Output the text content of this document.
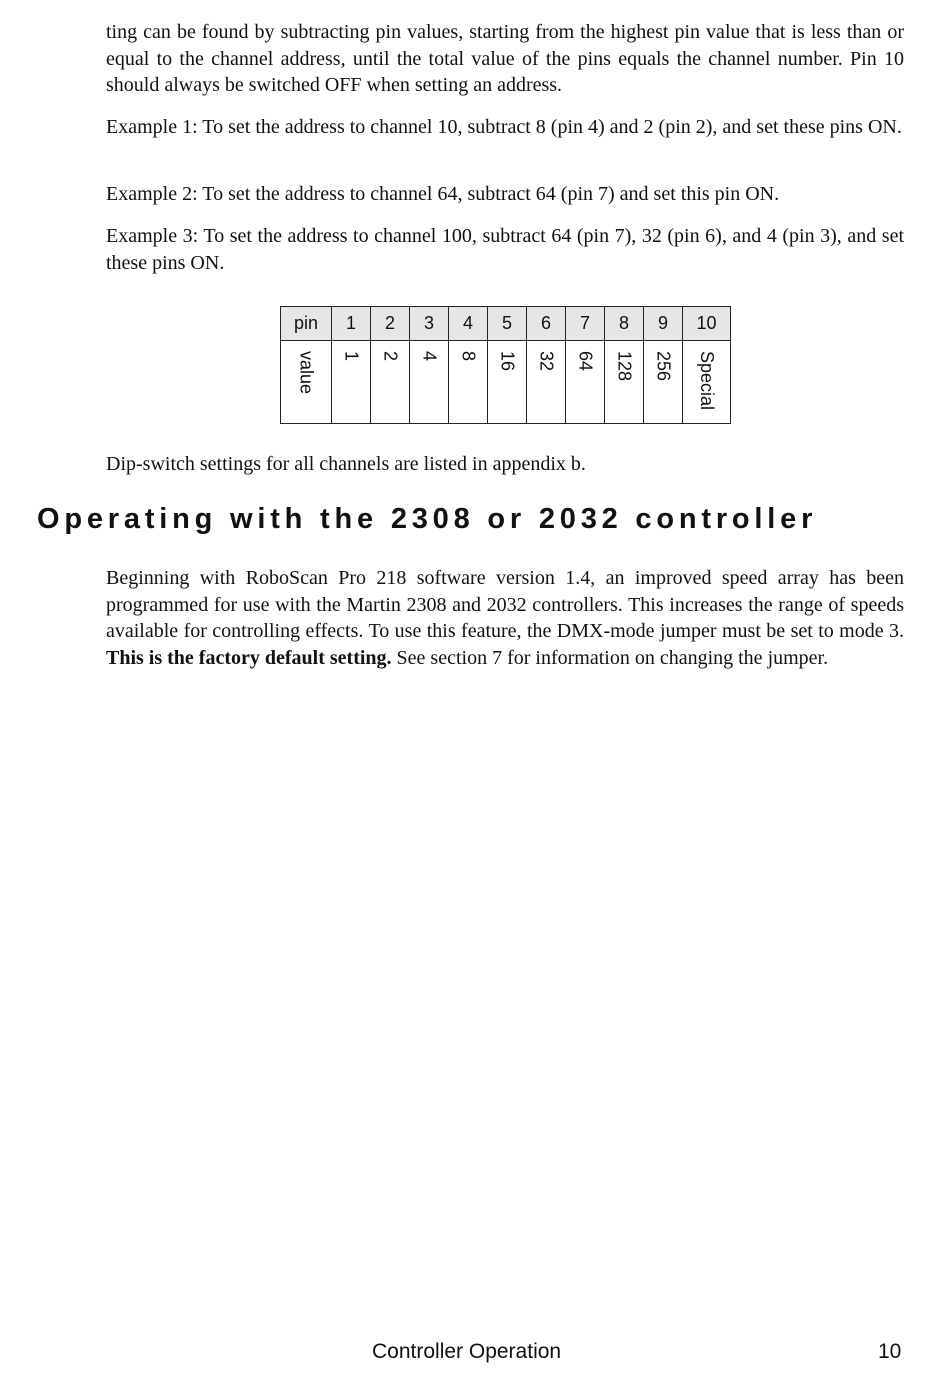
ting can be found by subtracting pin values, starting from the highest pin value that is less than or equal to the channel address, until the total value of the pins equals the channel number. Pin 10 should always be switched OFF when setting an address.

Example 1: To set the address to channel 10, subtract 8 (pin 4) and 2 (pin 2), and set these pins ON.

Example 2: To set the address to channel 64, subtract 64 (pin 7) and set this pin ON.

Example 3: To set the address to channel 100, subtract 64 (pin 7), 32 (pin 6), and 4 (pin 3), and set these pins ON.

pin	1	2	3	4	5	6	7	8	9	10
value	1	2	4	8	16	32	64	128	256	Special

Dip-switch settings for all channels are listed in appendix b.

Operating with the 2308 or 2032 controller

Beginning with RoboScan Pro 218 software version 1.4, an improved speed array has been programmed for use with the Martin 2308 and 2032 controllers. This increases the range of speeds available for controlling effects. To use this feature, the DMX-mode jumper must be set to mode 3. This is the factory default setting. See section 7 for information on changing the jumper.

Controller Operation	10
